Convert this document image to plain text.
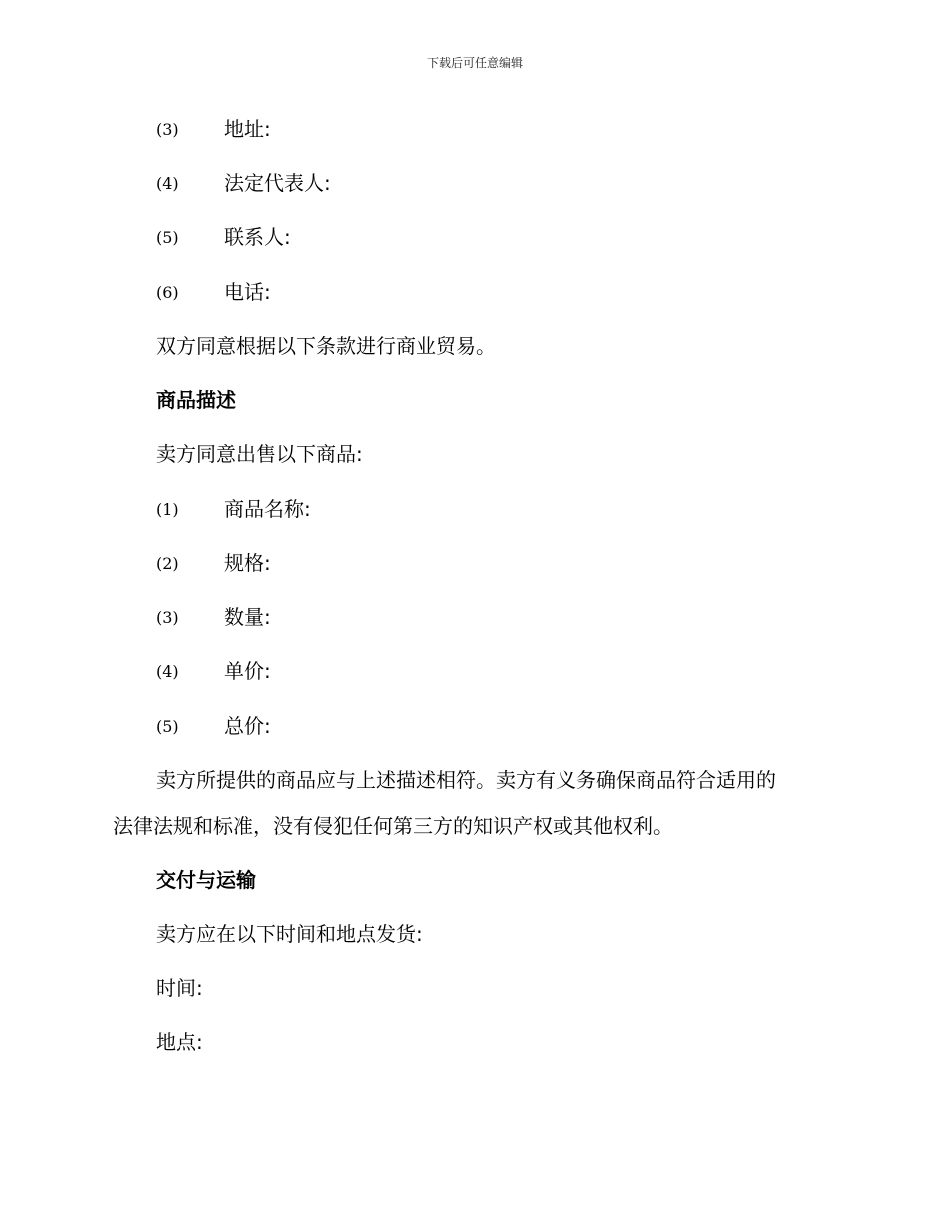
下载后可任意编辑
(3) 地址:
(4) 法定代表人:
(5) 联系人:
(6) 电话:
双方同意根据以下条款进行商业贸易。
商品描述
卖方同意出售以下商品:
(1) 商品名称:
(2) 规格:
(3) 数量:
(4) 单价:
(5) 总价:
卖方所提供的商品应与上述描述相符。卖方有义务确保商品符合适用的
法律法规和标准，没有侵犯任何第三方的知识产权或其他权利。
交付与运输
卖方应在以下时间和地点发货:
时间:
地点:
